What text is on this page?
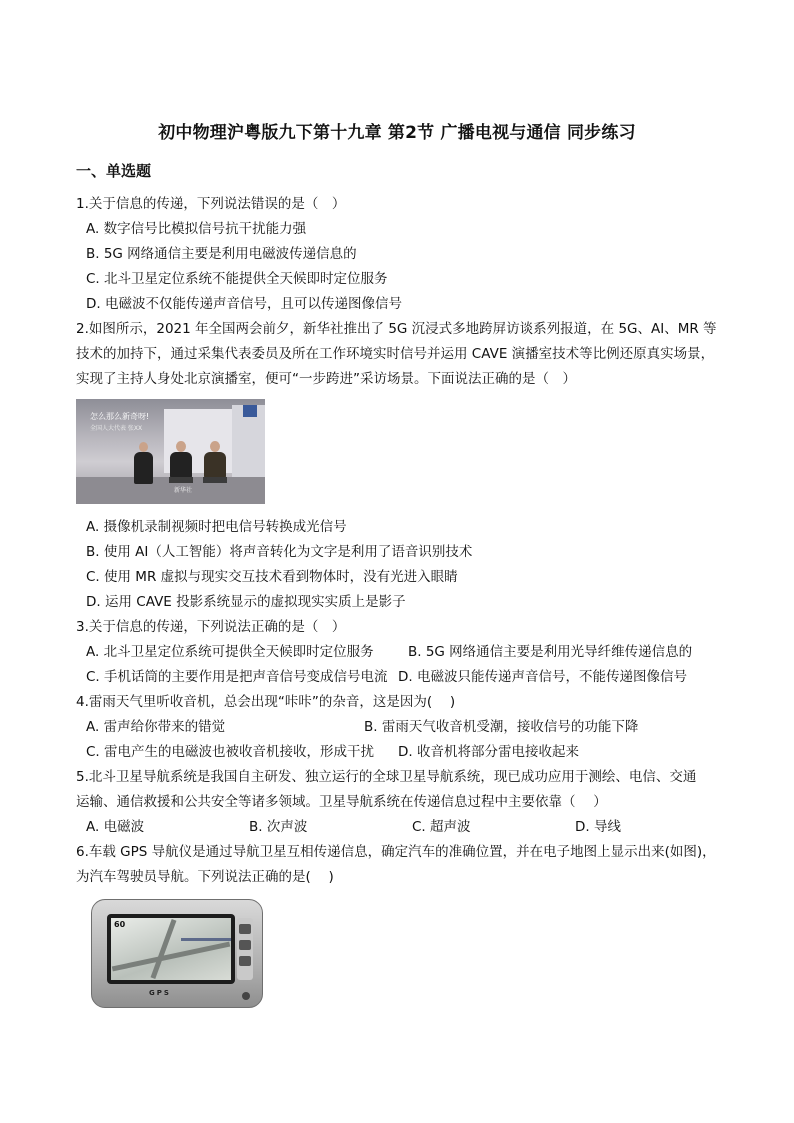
初中物理沪粤版九下第十九章 第2节 广播电视与通信 同步练习
一、单选题
1.关于信息的传递，下列说法错误的是（　）
A. 数字信号比模拟信号抗干扰能力强
B. 5G 网络通信主要是利用电磁波传递信息的
C. 北斗卫星定位系统不能提供全天候即时定位服务
D. 电磁波不仅能传递声音信号，且可以传递图像信号
2.如图所示，2021 年全国两会前夕，新华社推出了 5G 沉浸式多地跨屏访谈系列报道，在 5G、AI、MR 等
技术的加持下，通过采集代表委员及所在工作环境实时信号并运用 CAVE 演播室技术等比例还原真实场景，
实现了主持人身处北京演播室，便可“一步跨进”采访场景。下面说法正确的是（　）
怎么那么新奇呀!
全国人大代表 张XX
新华社
A. 摄像机录制视频时把电信号转换成光信号
B. 使用 AI（人工智能）将声音转化为文字是利用了语音识别技术
C. 使用 MR 虚拟与现实交互技术看到物体时，没有光进入眼睛
D. 运用 CAVE 投影系统显示的虚拟现实实质上是影子
3.关于信息的传递，下列说法正确的是（　）
A. 北斗卫星定位系统可提供全天候即时定位服务	B. 5G 网络通信主要是利用光导纤维传递信息的
C. 手机话筒的主要作用是把声音信号变成信号电流 D. 电磁波只能传递声音信号，不能传递图像信号
4.雷雨天气里听收音机，总会出现“咔咔”的杂音，这是因为(　 )
A. 雷声给你带来的错觉	B. 雷雨天气收音机受潮，接收信号的功能下降
C. 雷电产生的电磁波也被收音机接收，形成干扰 D. 收音机将部分雷电接收起来
5.北斗卫星导航系统是我国自主研发、独立运行的全球卫星导航系统，现已成功应用于测绘、电信、交通
运输、通信救援和公共安全等诸多领域。卫星导航系统在传递信息过程中主要依靠（　 ）
A. 电磁波	B. 次声波	C. 超声波	D. 导线
6.车载 GPS 导航仪是通过导航卫星互相传递信息，确定汽车的准确位置，并在电子地图上显示出来(如图)，
为汽车驾驶员导航。下列说法正确的是(　 )
60
GPS
